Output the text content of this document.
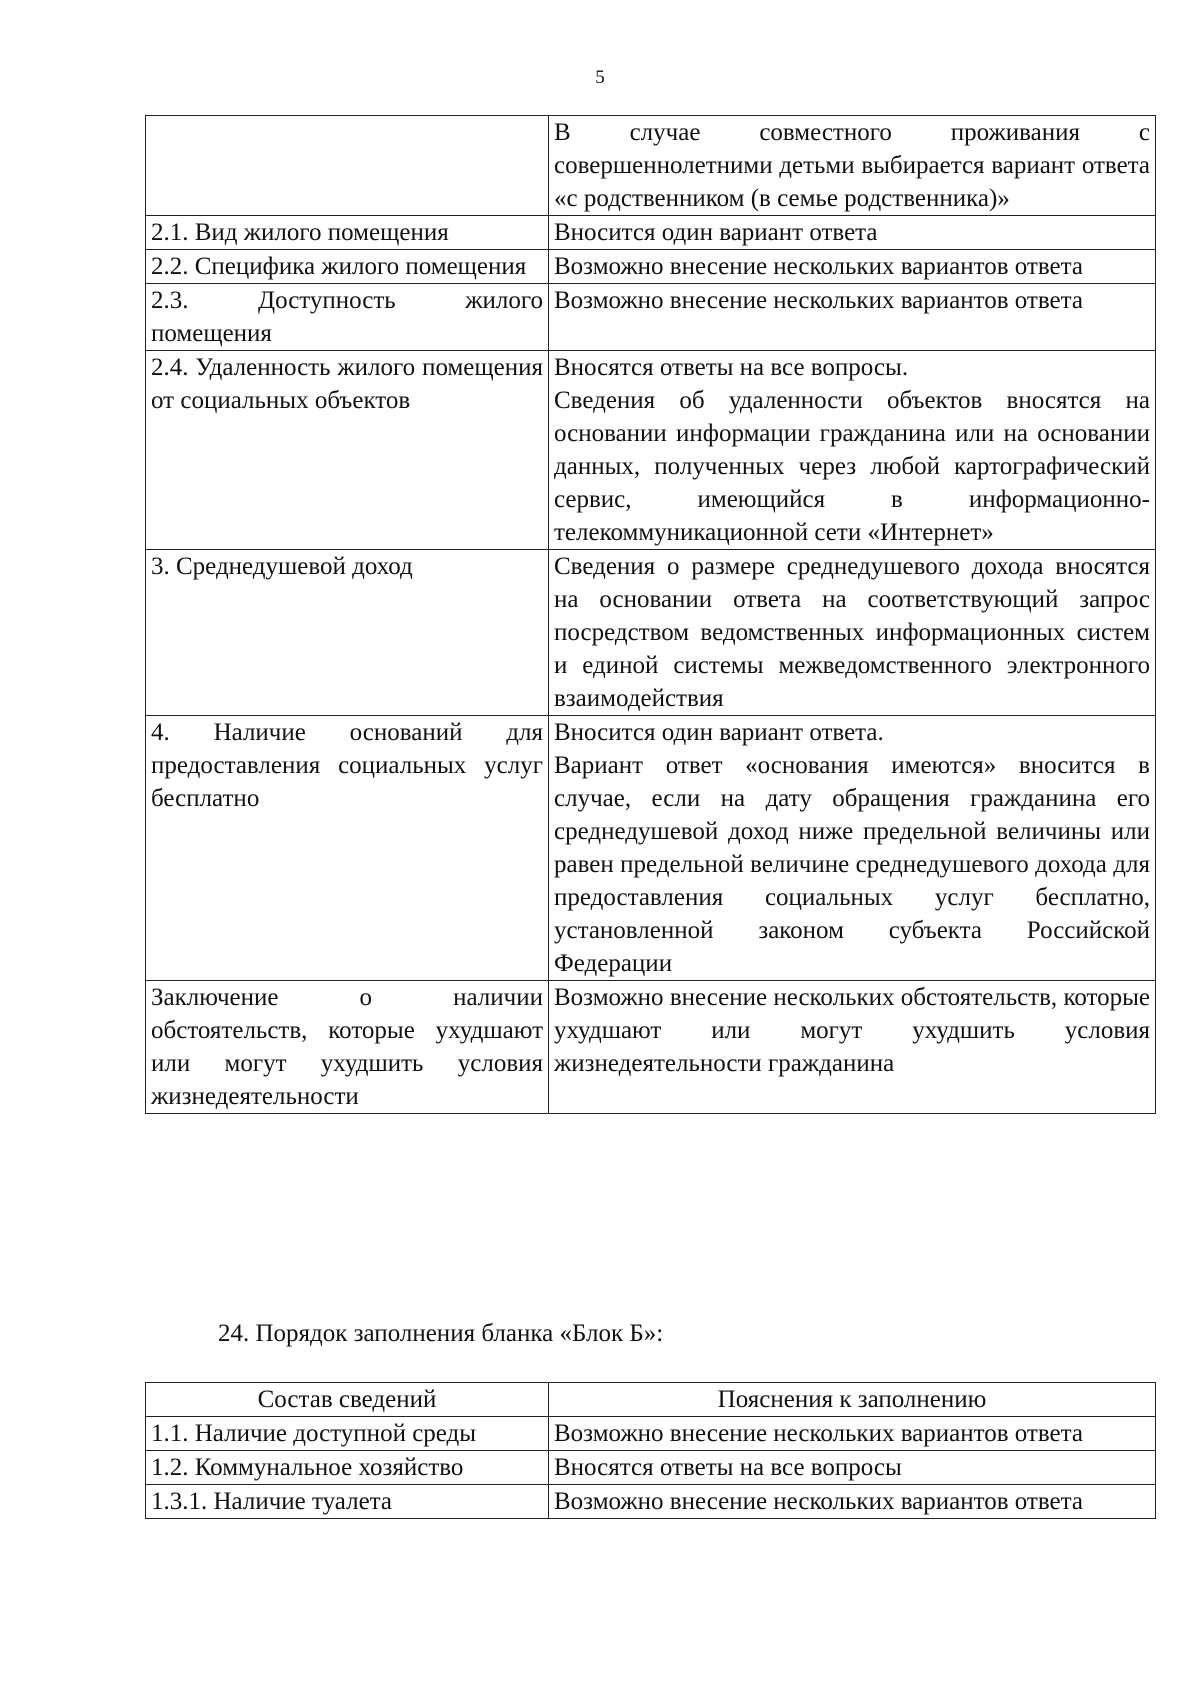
5

	В случае совместного проживания с совершеннолетними детьми выбирается вариант ответа «с родственником (в семье родственника)»

2.1. Вид жилого помещения	Вносится один вариант ответа

2.2. Специфика жилого помещения	Возможно внесение нескольких вариантов ответа

2.3. Доступность жилого помещения	Возможно внесение нескольких вариантов ответа

2.4. Удаленность жилого помещения от социальных объектов	Вносятся ответы на все вопросы.
Сведения об удаленности объектов вносятся на основании информации гражданина или на основании данных, полученных через любой картографический сервис, имеющийся в информационно-телекоммуникационной сети «Интернет»

3. Среднедушевой доход	Сведения о размере среднедушевого дохода вносятся на основании ответа на соответствующий запрос посредством ведомственных информационных систем и единой системы межведомственного электронного взаимодействия

4. Наличие оснований для предоставления социальных услуг бесплатно	Вносится один вариант ответа.
Вариант ответ «основания имеются» вносится в случае, если на дату обращения гражданина его среднедушевой доход ниже предельной величины или равен предельной величине среднедушевого дохода для предоставления социальных услуг бесплатно, установленной законом субъекта Российской Федерации

Заключение о наличии обстоятельств, которые ухудшают или могут ухудшить условия жизнедеятельности	Возможно внесение нескольких обстоятельств, которые ухудшают или могут ухудшить условия жизнедеятельности гражданина
24. Порядок заполнения бланка «Блок Б»:
Состав сведений	Пояснения к заполнению

1.1. Наличие доступной среды	Возможно внесение нескольких вариантов ответа

1.2. Коммунальное хозяйство	Вносятся ответы на все вопросы

1.3.1. Наличие туалета	Возможно внесение нескольких вариантов ответа
